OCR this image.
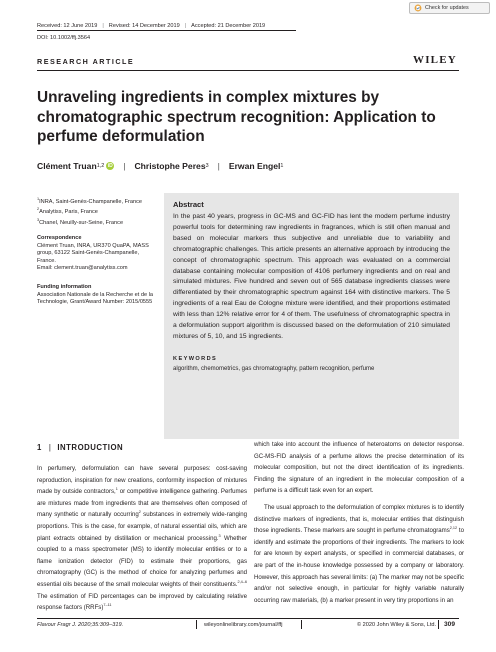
Check for updates
Received: 12 June 2019 | Revised: 14 December 2019 | Accepted: 21 December 2019
DOI: 10.1002/ffj.3564
RESEARCH ARTICLE	WILEY
Unraveling ingredients in complex mixtures by chromatographic spectrum recognition: Application to perfume deformulation
Clément Truan 1,2 iD | Christophe Peres 3 | Erwan Engel 1
$^1$INRA, Saint-Genès-Champanelle, France
$^2$Analytiss, Paris, France
$^3$Chanel, Neuilly-sur-Seine, France
Correspondence
Clément Truan, INRA, UR370 QuaPA, MASS group, 63122 Saint-Genès-Champanelle, France.
Email: clement.truan@analytiss.com
Funding information
Association Nationale de la Recherche et de la Technologie, Grant/Award Number: 2015/0555
Abstract

In the past 40 years, progress in GC-MS and GC-FID has lent the modern perfume industry powerful tools for determining raw ingredients in fragrances, which is still often manual and based on molecular markers thus subjective and unreliable due to variability and chromatographic challenges. This article presents an alternative approach by introducing the concept of chromatographic spectrum. This approach was evaluated on a commercial database containing molecular composition of 4106 perfumery ingredients and on real and simulated mixtures. Five hundred and seven out of 565 database ingredients classes were differentiated by their chromatographic spectrum against 164 with distinctive markers. The 5 ingredients of a real Eau de Cologne mixture were identified, and their proportions estimated with less than 12% relative error for 4 of them. The usefulness of chromatographic spectra in a deformulation support algorithm is discussed based on the deformulation of 210 simulated mixtures of 5, 10, and 15 ingredients.

KEYWORDS
algorithm, chemometrics, gas chromatography, pattern recognition, perfume
1 | INTRODUCTION

In perfumery, deformulation can have several purposes: cost-saving reproduction, inspiration for new creations, conformity inspection of mixtures made by outside contractors,$^1$ or competitive intelligence gathering. Perfumes are mixtures made from ingredients that are themselves often composed of many synthetic or naturally occurring$^2$ substances in extremely wide-ranging proportions. This is the case, for example, of natural essential oils, which are plant extracts obtained by distillation or mechanical processing.$^3$ Whether coupled to a mass spectrometer (MS) to identify molecular entities or to a flame ionization detector (FID) to estimate their proportions, gas chromatography (GC) is the method of choice for analyzing perfumes and essential oils because of the small molecular weights of their constituents.$^{2,4-6}$ The estimation of FID percentages can be improved by calculating relative response factors (RRFs)$^{7-11}$

which take into account the influence of heteroatoms on detector response. GC-MS-FID analysis of a perfume allows the precise determination of its molecular composition, but not the direct identification of its ingredients. Finding the signature of an ingredient in the molecular composition of a perfume is a difficult task even for an expert.

The usual approach to the deformulation of complex mixtures is to identify distinctive markers of ingredients, that is, molecular entities that distinguish those ingredients. These markers are sought in perfume chromatograms$^{2,12}$ to identify and estimate the proportions of their ingredients. The markers to look for are known by expert analysts, or specified in commercial databases, or are part of the in-house knowledge possessed by a company or laboratory. However, this approach has several limits: (a) The marker may not be specific and/or not selective enough, in particular for highly variable naturally occurring raw materials, (b) a marker present in very tiny proportions in an

Flavour Fragr J. 2020;35:309–319.	wileyonlinelibrary.com/journal/ffj	© 2020 John Wiley & Sons, Ltd. 309
